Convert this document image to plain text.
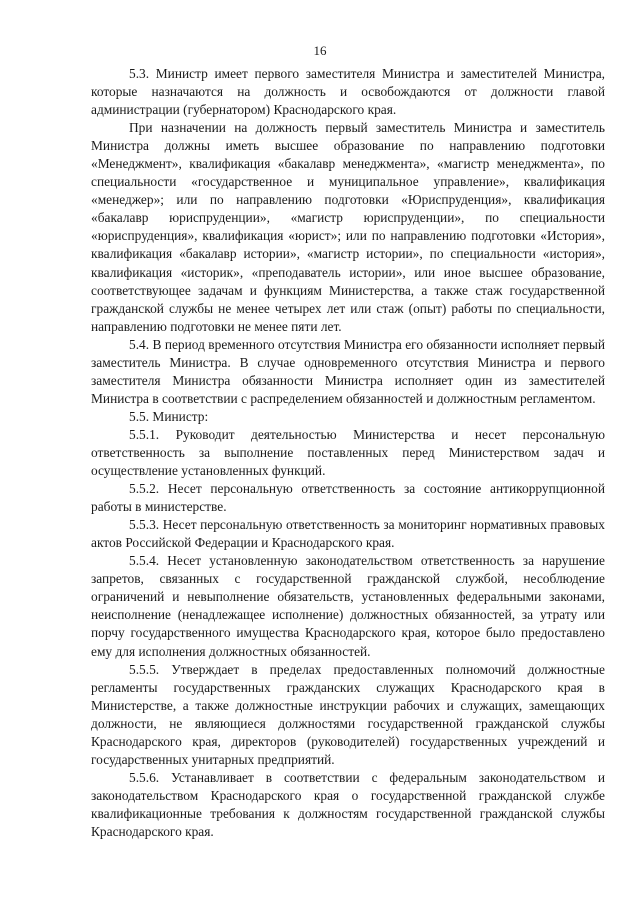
16

5.3. Министр имеет первого заместителя Министра и заместителей Министра, которые назначаются на должность и освобождаются от должности главой администрации (губернатором) Краснодарского края.

При назначении на должность первый заместитель Министра и заместитель Министра должны иметь высшее образование по направлению подготовки «Менеджмент», квалификация «бакалавр менеджмента», «магистр менеджмента», по специальности «государственное и муниципальное управление», квалификация «менеджер»; или по направлению подготовки «Юриспруденция», квалификация «бакалавр юриспруденции», «магистр юриспруденции», по специальности «юриспруденция», квалификация «юрист»; или по направлению подготовки «История», квалификация «бакалавр истории», «магистр истории», по специальности «история», квалификация «историк», «преподаватель истории», или иное высшее образование, соответствующее задачам и функциям Министерства, а также стаж государственной гражданской службы не менее четырех лет или стаж (опыт) работы по специальности, направлению подготовки не менее пяти лет.

5.4. В период временного отсутствия Министра его обязанности исполняет первый заместитель Министра. В случае одновременного отсутствия Министра и первого заместителя Министра обязанности Министра исполняет один из заместителей Министра в соответствии с распределением обязанностей и должностным регламентом.

5.5. Министр:

5.5.1. Руководит деятельностью Министерства и несет персональную ответственность за выполнение поставленных перед Министерством задач и осуществление установленных функций.

5.5.2. Несет персональную ответственность за состояние антикоррупционной работы в министерстве.

5.5.3. Несет персональную ответственность за мониторинг нормативных правовых актов Российской Федерации и Краснодарского края.

5.5.4. Несет установленную законодательством ответственность за нарушение запретов, связанных с государственной гражданской службой, несоблюдение ограничений и невыполнение обязательств, установленных федеральными законами, неисполнение (ненадлежащее исполнение) должностных обязанностей, за утрату или порчу государственного имущества Краснодарского края, которое было предоставлено ему для исполнения должностных обязанностей.

5.5.5. Утверждает в пределах предоставленных полномочий должностные регламенты государственных гражданских служащих Краснодарского края в Министерстве, а также должностные инструкции рабочих и служащих, замещающих должности, не являющиеся должностями государственной гражданской службы Краснодарского края, директоров (руководителей) государственных учреждений и государственных унитарных предприятий.

5.5.6. Устанавливает в соответствии с федеральным законодательством и законодательством Краснодарского края о государственной гражданской службе квалификационные требования к должностям государственной гражданской службы Краснодарского края.
